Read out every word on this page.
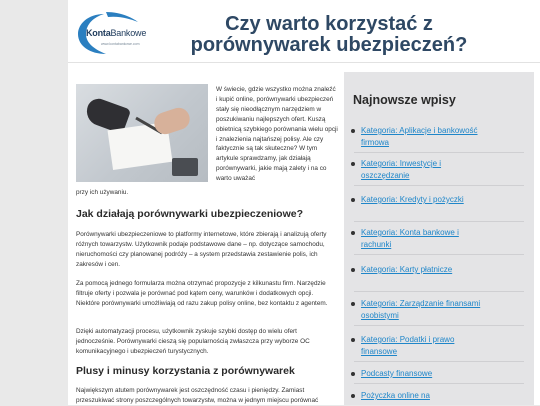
KontaBankowe
www.kontabankowe.com
Czy warto korzystać z porównywarek ubezpieczeń?
W świecie, gdzie wszystko można znaleźć i kupić online, porównywarki ubezpieczeń stały się nieodłącznym narzędziem w poszukiwaniu najlepszych ofert. Kuszą obietnicą szybkiego porównania wielu opcji i znalezienia najtańszej polisy. Ale czy faktycznie są tak skuteczne? W tym artykule sprawdzamy, jak działają porównywarki, jakie mają zalety i na co warto uważać
przy ich używaniu.
Jak działają porównywarki ubezpieczeniowe?
Porównywarki ubezpieczeniowe to platformy internetowe, które zbierają i analizują oferty różnych towarzystw. Użytkownik podaje podstawowe dane – np. dotyczące samochodu, nieruchomości czy planowanej podróży – a system przedstawia zestawienie polis, ich zakresów i cen.
Za pomocą jednego formularza można otrzymać propozycje z kilkunastu firm. Narzędzie filtruje oferty i pozwala je porównać pod kątem ceny, warunków i dodatkowych opcji. Niektóre porównywarki umożliwiają od razu zakup polisy online, bez kontaktu z agentem.
Dzięki automatyzacji procesu, użytkownik zyskuje szybki dostęp do wielu ofert jednocześnie. Porównywarki cieszą się popularnością zwłaszcza przy wyborze OC komunikacyjnego i ubezpieczeń turystycznych.
Plusy i minusy korzystania z porównywarek
Największym atutem porównywarek jest oszczędność czasu i pieniędzy. Zamiast przeszukiwać strony poszczególnych towarzystw, można w jednym miejscu porównać
Najnowsze wpisy
Kategoria: Aplikacje i bankowość firmowa
Kategoria: Inwestycje i oszczędzanie
Kategoria: Kredyty i pożyczki
Kategoria: Konta bankowe i rachunki
Kategoria: Karty płatnicze
Kategoria: Zarządzanie finansami osobistymi
Kategoria: Podatki i prawo finansowe
Podcasty finansowe
Pożyczka online na
